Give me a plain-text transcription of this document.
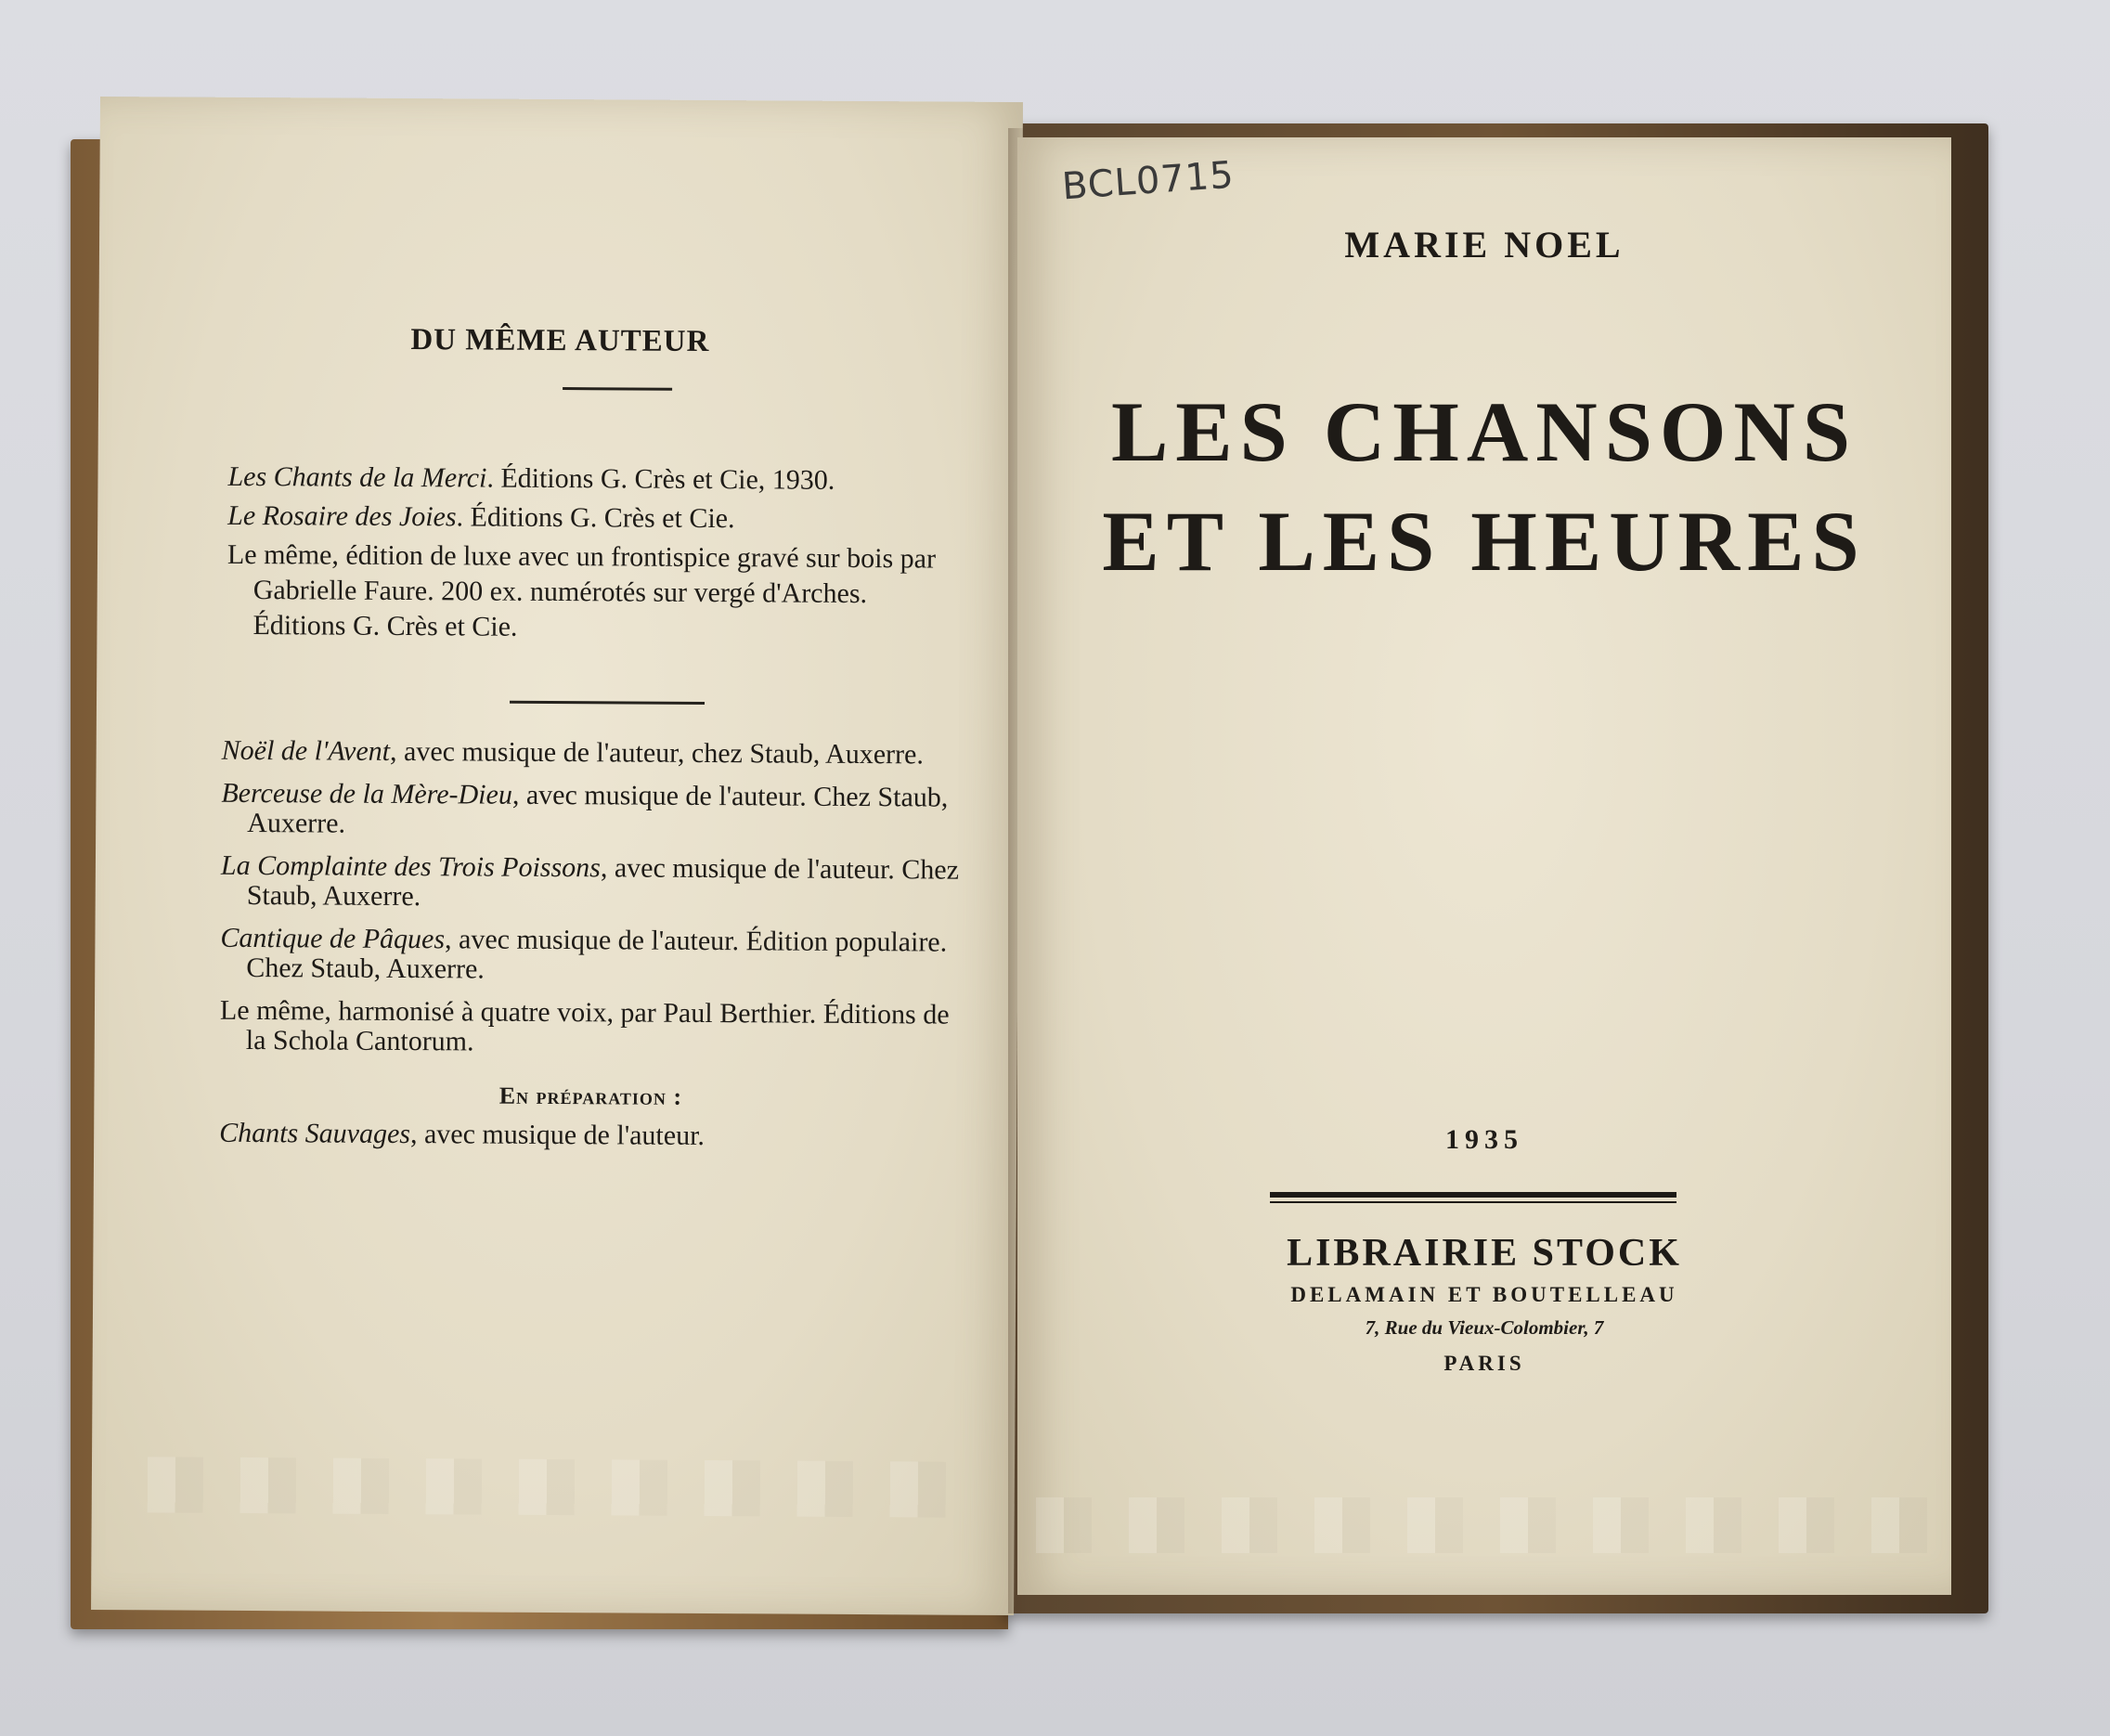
DU MÊME AUTEUR
Les Chants de la Merci. Éditions G. Crès et Cie, 1930.
Le Rosaire des Joies. Éditions G. Crès et Cie.
Le même, édition de luxe avec un frontispice gravé sur bois par Gabrielle Faure. 200 ex. numérotés sur vergé d'Arches. Éditions G. Crès et Cie.
Noël de l'Avent, avec musique de l'auteur, chez Staub, Auxerre.
Berceuse de la Mère-Dieu, avec musique de l'auteur. Chez Staub, Auxerre.
La Complainte des Trois Poissons, avec musique de l'auteur. Chez Staub, Auxerre.
Cantique de Pâques, avec musique de l'auteur. Édition populaire. Chez Staub, Auxerre.
Le même, harmonisé à quatre voix, par Paul Berthier. Éditions de la Schola Cantorum.
En préparation :
Chants Sauvages, avec musique de l'auteur.
BCL0715
MARIE NOEL
LES CHANSONS
ET LES HEURES
1935
LIBRAIRIE STOCK
DELAMAIN ET BOUTELLEAU
7, Rue du Vieux-Colombier, 7
PARIS
